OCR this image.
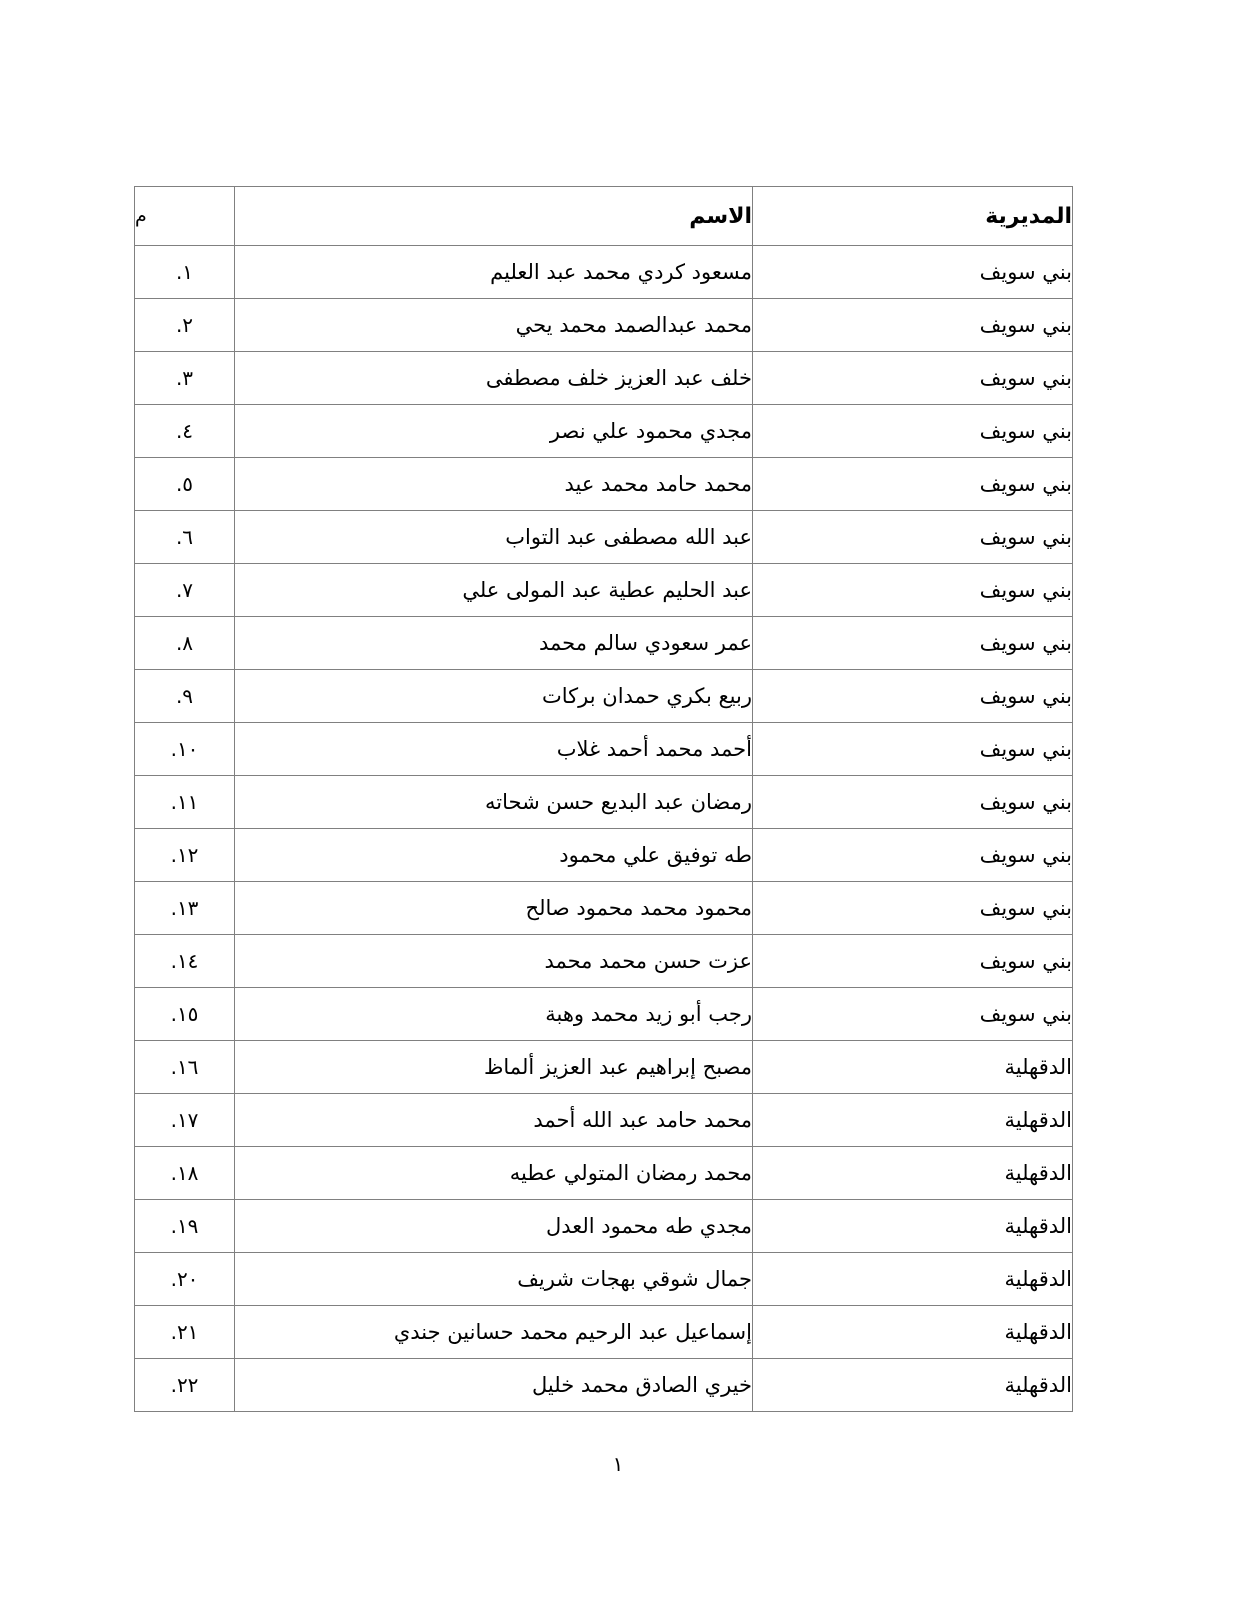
المديرية	الاسم	م
بني سويف	مسعود كردي محمد عبد العليم	١.
بني سويف	محمد عبدالصمد محمد يحي	٢.
بني سويف	خلف عبد العزيز خلف مصطفى	٣.
بني سويف	مجدي محمود علي نصر	٤.
بني سويف	محمد حامد محمد عيد	٥.
بني سويف	عبد الله مصطفى عبد التواب	٦.
بني سويف	عبد الحليم عطية عبد المولى علي	٧.
بني سويف	عمر سعودي سالم محمد	٨.
بني سويف	ربيع بكري حمدان بركات	٩.
بني سويف	أحمد محمد أحمد غلاب	١٠.
بني سويف	رمضان عبد البديع حسن شحاته	١١.
بني سويف	طه توفيق علي محمود	١٢.
بني سويف	محمود محمد محمود صالح	١٣.
بني سويف	عزت حسن محمد محمد	١٤.
بني سويف	رجب أبو زيد محمد وهبة	١٥.
الدقهلية	مصبح إبراهيم عبد العزيز ألماظ	١٦.
الدقهلية	محمد حامد عبد الله أحمد	١٧.
الدقهلية	محمد رمضان المتولي عطيه	١٨.
الدقهلية	مجدي طه محمود العدل	١٩.
الدقهلية	جمال شوقي بهجات شريف	٢٠.
الدقهلية	إسماعيل عبد الرحيم محمد حسانين جندي	٢١.
الدقهلية	خيري الصادق محمد خليل	٢٢.
١
